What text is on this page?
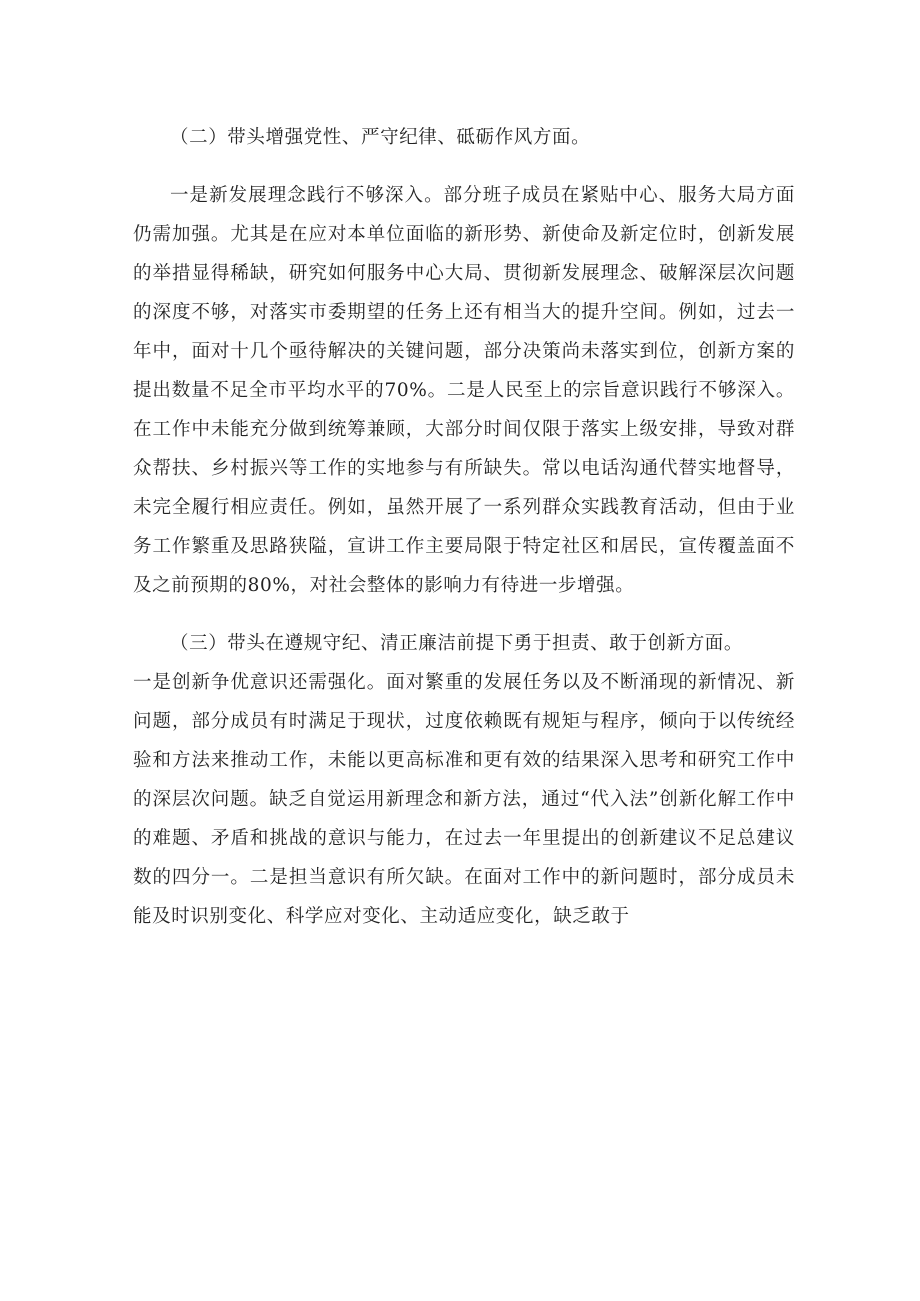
（二）带头增强党性、严守纪律、砥砺作风方面。

一是新发展理念践行不够深入。部分班子成员在紧贴中心、服务大局方面仍需加强。尤其是在应对本单位面临的新形势、新使命及新定位时，创新发展的举措显得稀缺，研究如何服务中心大局、贯彻新发展理念、破解深层次问题的深度不够，对落实市委期望的任务上还有相当大的提升空间。例如，过去一年中，面对十几个亟待解决的关键问题，部分决策尚未落实到位，创新方案的提出数量不足全市平均水平的70%。二是人民至上的宗旨意识践行不够深入。在工作中未能充分做到统筹兼顾，大部分时间仅限于落实上级安排，导致对群众帮扶、乡村振兴等工作的实地参与有所缺失。常以电话沟通代替实地督导，未完全履行相应责任。例如，虽然开展了一系列群众实践教育活动，但由于业务工作繁重及思路狭隘，宣讲工作主要局限于特定社区和居民，宣传覆盖面不及之前预期的80%，对社会整体的影响力有待进一步增强。

（三）带头在遵规守纪、清正廉洁前提下勇于担责、敢于创新方面。

一是创新争优意识还需强化。面对繁重的发展任务以及不断涌现的新情况、新问题，部分成员有时满足于现状，过度依赖既有规矩与程序，倾向于以传统经验和方法来推动工作，未能以更高标准和更有效的结果深入思考和研究工作中的深层次问题。缺乏自觉运用新理念和新方法，通过“代入法”创新化解工作中的难题、矛盾和挑战的意识与能力，在过去一年里提出的创新建议不足总建议数的四分一。二是担当意识有所欠缺。在面对工作中的新问题时，部分成员未能及时识别变化、科学应对变化、主动适应变化，缺乏敢于
